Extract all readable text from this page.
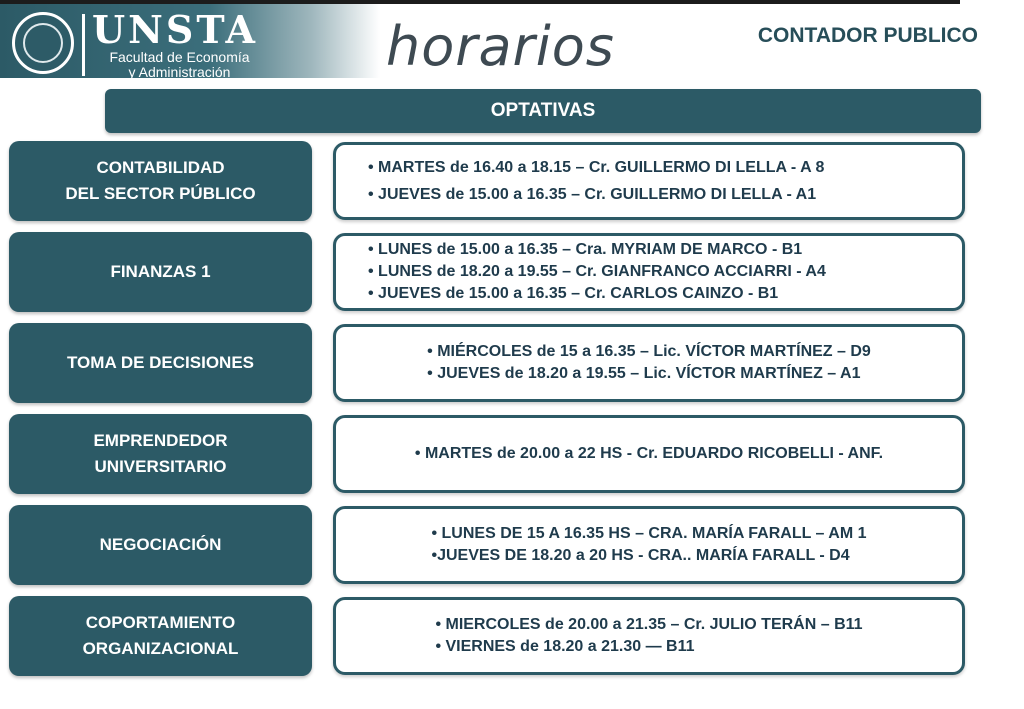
UNSTA
Facultad de Economía
y Administración	horarios	CONTADOR PUBLICO
OPTATIVAS
CONTABILIDAD
DEL SECTOR PÚBLICO
• MARTES de 16.40 a 18.15 – Cr. GUILLERMO DI LELLA - A 8
• JUEVES de 15.00 a 16.35 – Cr. GUILLERMO DI LELLA - A1
FINANZAS 1
• LUNES de 15.00 a 16.35 – Cra. MYRIAM DE MARCO - B1
• LUNES de 18.20 a 19.55 – Cr. GIANFRANCO ACCIARRI - A4
• JUEVES de 15.00 a 16.35 – Cr. CARLOS CAINZO - B1
TOMA DE DECISIONES
• MIÉRCOLES de 15 a 16.35 – Lic. VÍCTOR MARTÍNEZ – D9
• JUEVES de 18.20 a 19.55 – Lic. VÍCTOR MARTÍNEZ – A1
EMPRENDEDOR
UNIVERSITARIO
• MARTES de 20.00 a 22 HS - Cr. EDUARDO RICOBELLI - ANF.
NEGOCIACIÓN
• LUNES DE 15 A 16.35 HS – CRA. MARÍA FARALL – AM 1
•JUEVES DE 18.20 a 20 HS - CRA.. MARÍA FARALL - D4
COPORTAMIENTO
ORGANIZACIONAL
• MIERCOLES de 20.00 a 21.35 – Cr. JULIO TERÁN – B11
• VIERNES de 18.20 a 21.30 — B11
